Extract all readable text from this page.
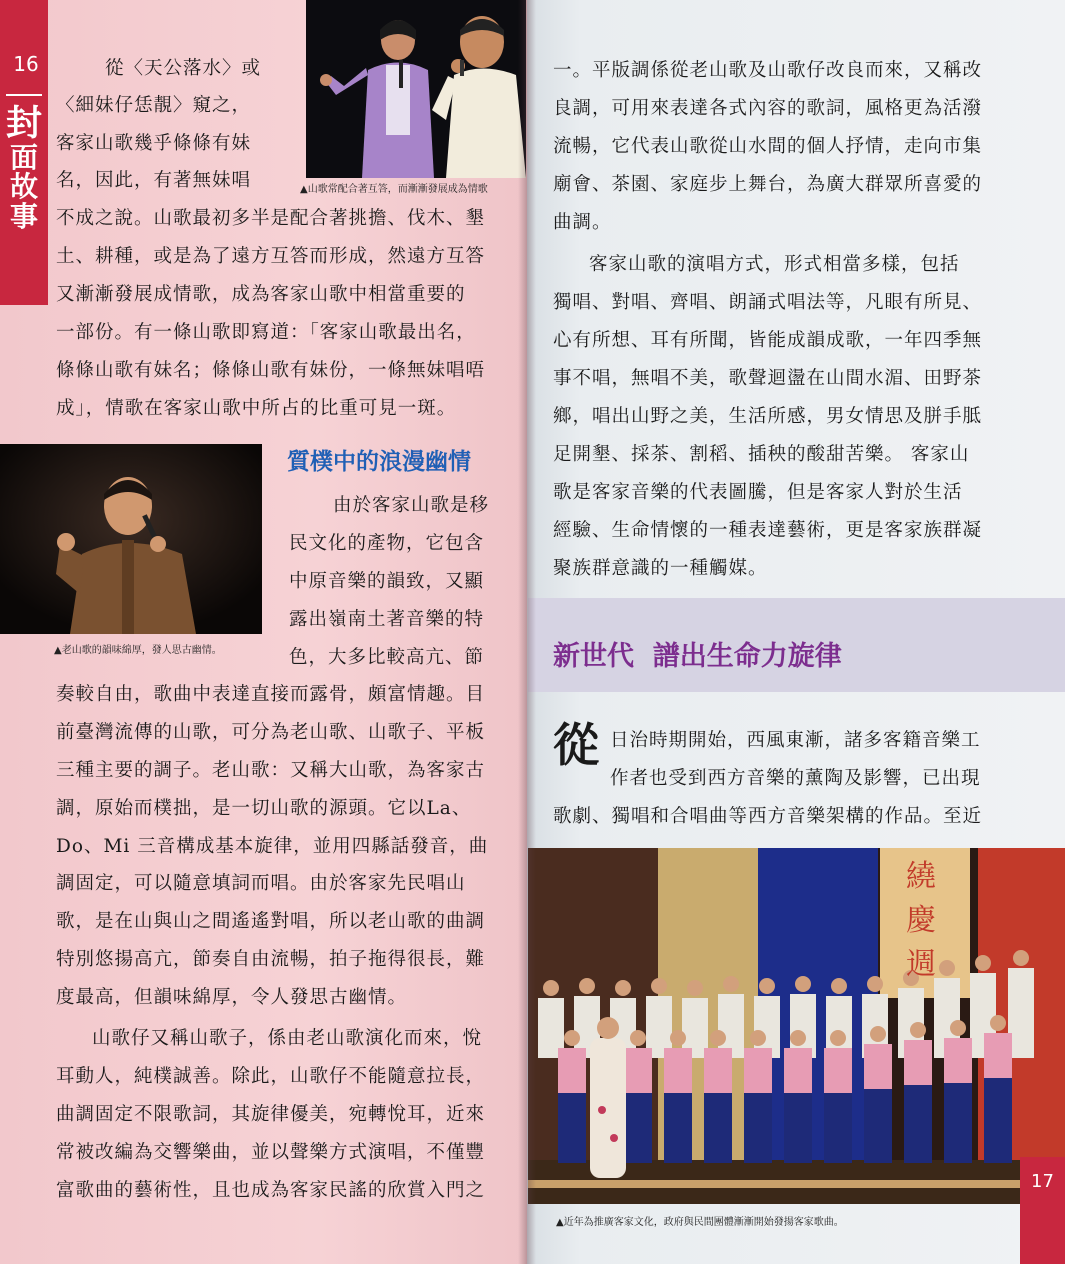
16
封
面
故
事
▲山歌常配合著互答，而漸漸發展成為情歌
▲老山歌的韻味綿厚，發人思古幽情。
質樸中的浪漫幽情
從〈天公落水〉或
〈細妹仔恁靚〉窺之，
客家山歌幾乎條條有妹
名，因此，有著無妹唱
不成之說。山歌最初多半是配合著挑擔、伐木、墾
土、耕種，或是為了遠方互答而形成，然遠方互答
又漸漸發展成情歌，成為客家山歌中相當重要的
一部份。有一條山歌即寫道：「客家山歌最出名，
條條山歌有妹名；條條山歌有妹份，一條無妹唱唔
成」，情歌在客家山歌中所占的比重可見一斑。
由於客家山歌是移
民文化的產物，它包含
中原音樂的韻致，又顯
露出嶺南土著音樂的特
色，大多比較高亢、節
奏較自由，歌曲中表達直接而露骨，頗富情趣。目
前臺灣流傳的山歌，可分為老山歌、山歌子、平板
三種主要的調子。老山歌：又稱大山歌，為客家古
調，原始而樸拙，是一切山歌的源頭。它以La、
Do、Mi 三音構成基本旋律，並用四縣話發音，曲
調固定，可以隨意填詞而唱。由於客家先民唱山
歌，是在山與山之間遙遙對唱，所以老山歌的曲調
特別悠揚高亢，節奏自由流暢，拍子拖得很長，難
度最高，但韻味綿厚，令人發思古幽情。
山歌仔又稱山歌子，係由老山歌演化而來，悅
耳動人，純樸誠善。除此，山歌仔不能隨意拉長，
曲調固定不限歌詞，其旋律優美，宛轉悅耳，近來
常被改編為交響樂曲，並以聲樂方式演唱，不僅豐
富歌曲的藝術性，且也成為客家民謠的欣賞入門之
一。平版調係從老山歌及山歌仔改良而來，又稱改
良調，可用來表達各式內容的歌詞，風格更為活潑
流暢，它代表山歌從山水間的個人抒情，走向市集
廟會、茶園、家庭步上舞台，為廣大群眾所喜愛的
曲調。
客家山歌的演唱方式，形式相當多樣，包括
獨唱、對唱、齊唱、朗誦式唱法等，凡眼有所見、
心有所想、耳有所聞，皆能成韻成歌，一年四季無
事不唱，無唱不美，歌聲迴盪在山間水湄、田野茶
鄉，唱出山野之美，生活所感，男女情思及胼手胝
足開墾、採茶、割稻、插秧的酸甜苦樂。 客家山
歌是客家音樂的代表圖騰，但是客家人對於生活
經驗、生命情懷的一種表達藝術，更是客家族群凝
聚族群意識的一種觸媒。
新世代  譜出生命力旋律
從 日治時期開始，西風東漸，諸多客籍音樂工
作者也受到西方音樂的薰陶及影響，已出現
歌劇、獨唱和合唱曲等西方音樂架構的作品。至近
繞
慶
週
17
▲近年為推廣客家文化，政府與民間團體漸漸開始發揚客家歌曲。
